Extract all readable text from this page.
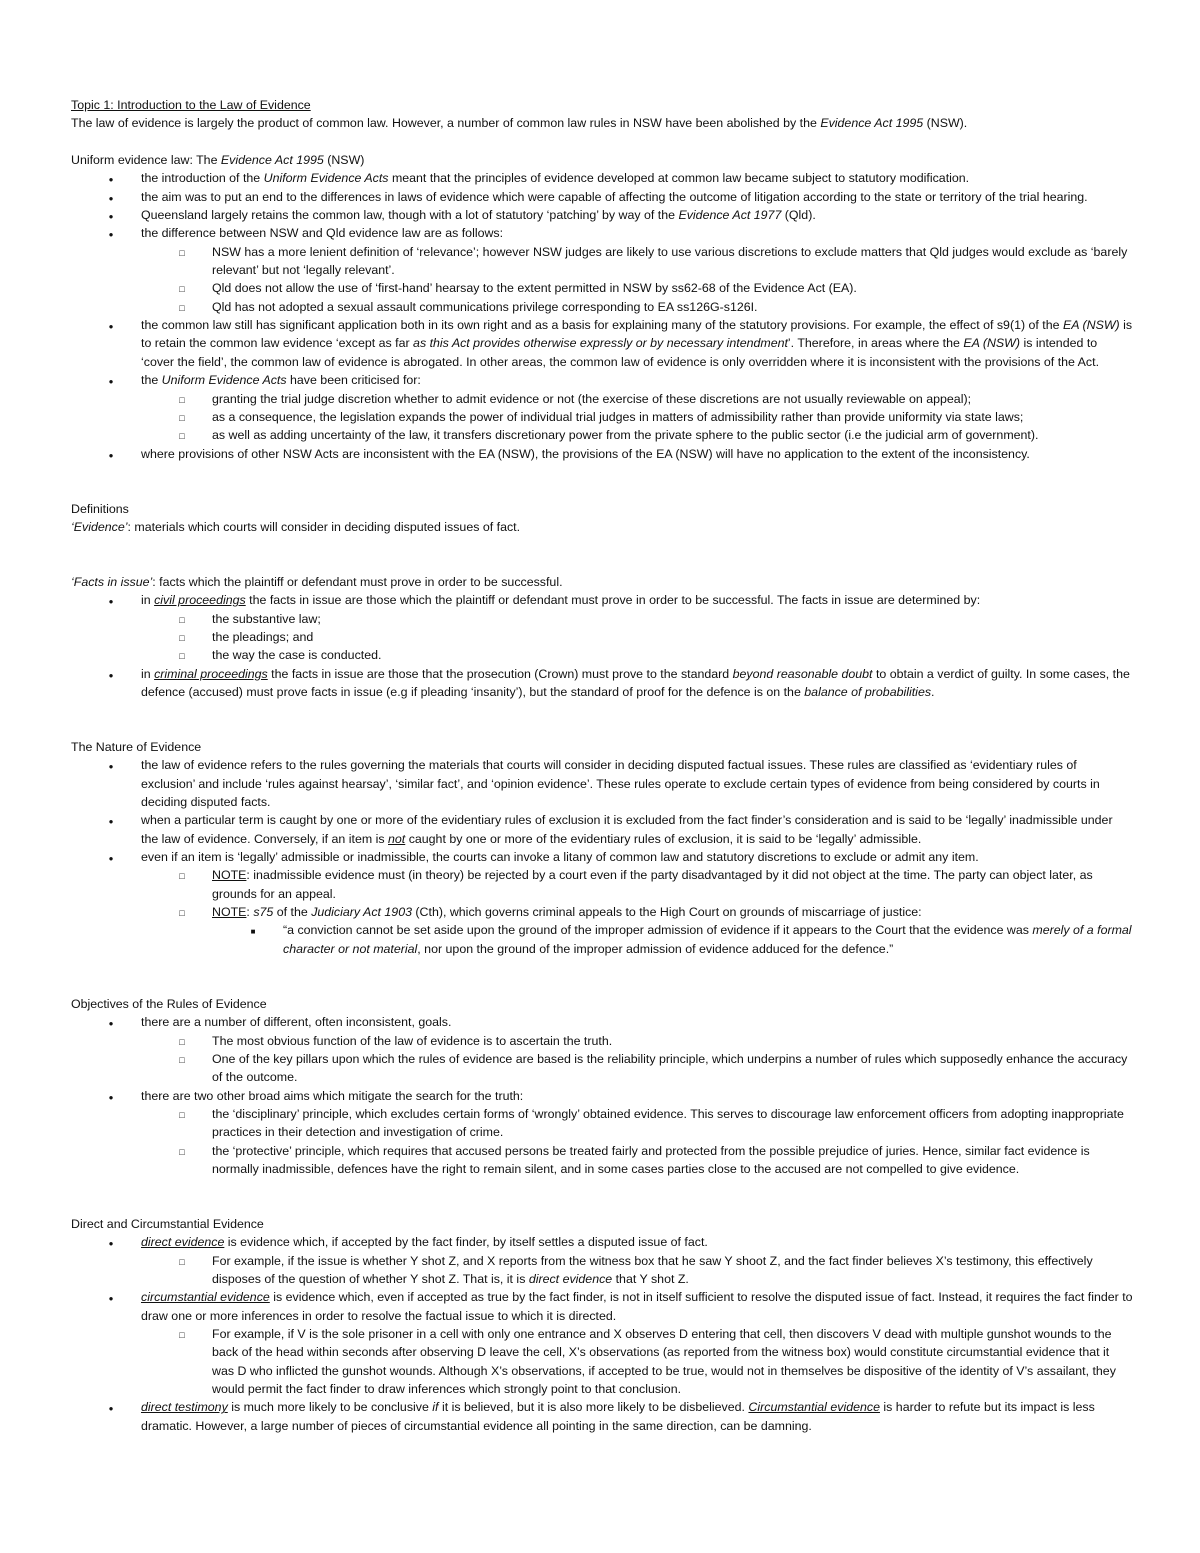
Topic 1: Introduction to the Law of Evidence

The law of evidence is largely the product of common law. However, a number of common law rules in NSW have been abolished by the Evidence Act 1995 (NSW).

Uniform evidence law: The Evidence Act 1995 (NSW)

●
the introduction of the Uniform Evidence Acts meant that the principles of evidence developed at common law became subject to statutory modification.
●
the aim was to put an end to the differences in laws of evidence which were capable of affecting the outcome of litigation according to the state or territory of the trial hearing.
●
Queensland largely retains the common law, though with a lot of statutory ‘patching’ by way of the Evidence Act 1977 (Qld).
●
the difference between NSW and Qld evidence law are as follows:
□
NSW has a more lenient definition of ‘relevance’; however NSW judges are likely to use various discretions to exclude matters that Qld judges would exclude as ‘barely relevant’ but not ‘legally relevant’.
□
Qld does not allow the use of ‘first-hand’ hearsay to the extent permitted in NSW by ss62-68 of the Evidence Act (EA).
□
Qld has not adopted a sexual assault communications privilege corresponding to EA ss126G-s126I.
●
the common law still has significant application both in its own right and as a basis for explaining many of the statutory provisions. For example, the effect of s9(1) of the EA (NSW) is to retain the common law evidence ‘except as far as this Act provides otherwise expressly or by necessary intendment’. Therefore, in areas where the EA (NSW) is intended to ‘cover the field’, the common law of evidence is abrogated. In other areas, the common law of evidence is only overridden where it is inconsistent with the provisions of the Act.
●
the Uniform Evidence Acts have been criticised for:
□
granting the trial judge discretion whether to admit evidence or not (the exercise of these discretions are not usually reviewable on appeal);
□
as a consequence, the legislation expands the power of individual trial judges in matters of admissibility rather than provide uniformity via state laws;
□
as well as adding uncertainty of the law, it transfers discretionary power from the private sphere to the public sector (i.e the judicial arm of government).
●
where provisions of other NSW Acts are inconsistent with the EA (NSW), the provisions of the EA (NSW) will have no application to the extent of the inconsistency.

Definitions

‘Evidence’: materials which courts will consider in deciding disputed issues of fact.

‘Facts in issue’: facts which the plaintiff or defendant must prove in order to be successful.

●
in civil proceedings the facts in issue are those which the plaintiff or defendant must prove in order to be successful. The facts in issue are determined by:
□
the substantive law;
□
the pleadings; and
□
the way the case is conducted.
●
in criminal proceedings the facts in issue are those that the prosecution (Crown) must prove to the standard beyond reasonable doubt to obtain a verdict of guilty. In some cases, the defence (accused) must prove facts in issue (e.g if pleading ‘insanity’), but the standard of proof for the defence is on the balance of probabilities.

The Nature of Evidence

●
the law of evidence refers to the rules governing the materials that courts will consider in deciding disputed factual issues. These rules are classified as ‘evidentiary rules of exclusion’ and include ‘rules against hearsay’, ‘similar fact’, and ‘opinion evidence’. These rules operate to exclude certain types of evidence from being considered by courts in deciding disputed facts.
●
when a particular term is caught by one or more of the evidentiary rules of exclusion it is excluded from the fact finder’s consideration and is said to be ‘legally’ inadmissible under the law of evidence. Conversely, if an item is not caught by one or more of the evidentiary rules of exclusion, it is said to be ‘legally’ admissible.
●
even if an item is ‘legally’ admissible or inadmissible, the courts can invoke a litany of common law and statutory discretions to exclude or admit any item.
□
NOTE: inadmissible evidence must (in theory) be rejected by a court even if the party disadvantaged by it did not object at the time. The party can object later, as grounds for an appeal.
□
NOTE: s75 of the Judiciary Act 1903 (Cth), which governs criminal appeals to the High Court on grounds of miscarriage of justice:
■
“a conviction cannot be set aside upon the ground of the improper admission of evidence if it appears to the Court that the evidence was merely of a formal character or not material, nor upon the ground of the improper admission of evidence adduced for the defence.”

Objectives of the Rules of Evidence

●
there are a number of different, often inconsistent, goals.
□
The most obvious function of the law of evidence is to ascertain the truth.
□
One of the key pillars upon which the rules of evidence are based is the reliability principle, which underpins a number of rules which supposedly enhance the accuracy of the outcome.
●
there are two other broad aims which mitigate the search for the truth:
□
the ‘disciplinary’ principle, which excludes certain forms of ‘wrongly’ obtained evidence. This serves to discourage law enforcement officers from adopting inappropriate practices in their detection and investigation of crime.
□
the ‘protective’ principle, which requires that accused persons be treated fairly and protected from the possible prejudice of juries. Hence, similar fact evidence is normally inadmissible, defences have the right to remain silent, and in some cases parties close to the accused are not compelled to give evidence.

Direct and Circumstantial Evidence

●
direct evidence is evidence which, if accepted by the fact finder, by itself settles a disputed issue of fact.
□
For example, if the issue is whether Y shot Z, and X reports from the witness box that he saw Y shoot Z, and the fact finder believes X’s testimony, this effectively disposes of the question of whether Y shot Z. That is, it is direct evidence that Y shot Z.
●
circumstantial evidence is evidence which, even if accepted as true by the fact finder, is not in itself sufficient to resolve the disputed issue of fact. Instead, it requires the fact finder to draw one or more inferences in order to resolve the factual issue to which it is directed.
□
For example, if V is the sole prisoner in a cell with only one entrance and X observes D entering that cell, then discovers V dead with multiple gunshot wounds to the back of the head within seconds after observing D leave the cell, X’s observations (as reported from the witness box) would constitute circumstantial evidence that it was D who inflicted the gunshot wounds. Although X’s observations, if accepted to be true, would not in themselves be dispositive of the identity of V’s assailant, they would permit the fact finder to draw inferences which strongly point to that conclusion.
●
direct testimony is much more likely to be conclusive if it is believed, but it is also more likely to be disbelieved. Circumstantial evidence is harder to refute but its impact is less dramatic. However, a large number of pieces of circumstantial evidence all pointing in the same direction, can be damning.
